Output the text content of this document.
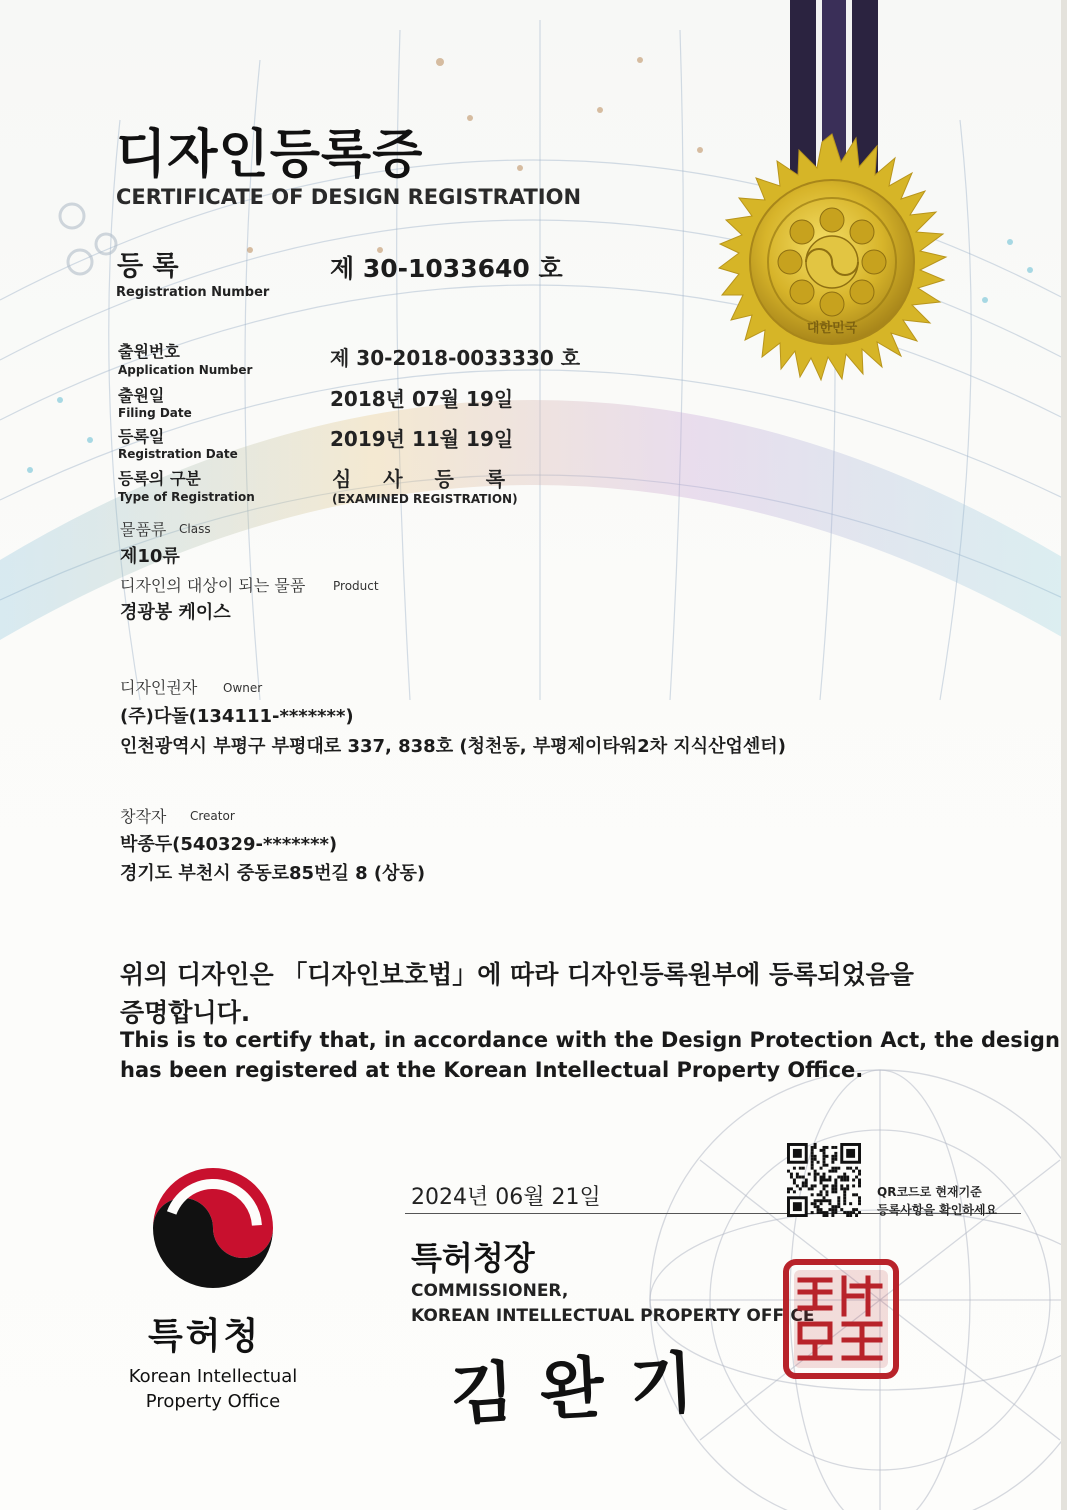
대한민국
디자인등록증
CERTIFICATE OF DESIGN REGISTRATION
등 록
Registration Number
제 30-1033640 호
출원번호
Application Number	제 30-2018-0033330 호
출원일
Filing Date
2018년 07월 19일
등록일
Registration Date
2019년 11월 19일
등록의 구분
Type of Registration
심  사  등  록
(EXAMINED REGISTRATION)
물품류 Class
제10류
디자인의 대상이 되는 물품 Product
경광봉 케이스
디자인권자 Owner
(주)다돌(134111-*******)
인천광역시 부평구 부평대로 337, 838호 (청천동, 부평제이타워2차 지식산업센터)
창작자 Creator
박종두(540329-*******)
경기도 부천시 중동로85번길 8 (상동)
위의 디자인은 「디자인보호법」에 따라 디자인등록원부에 등록되었음을
증명합니다.
This is to certify that, in accordance with the Design Protection Act, the design
has been registered at the Korean Intellectual Property Office.
특허청
Korean Intellectual
Property Office
2024년 06월 21일
특허청장
COMMISSIONER,
KOREAN INTELLECTUAL PROPERTY OFFICE
김완기
QR코드로 현재기준
등록사항을 확인하세요
